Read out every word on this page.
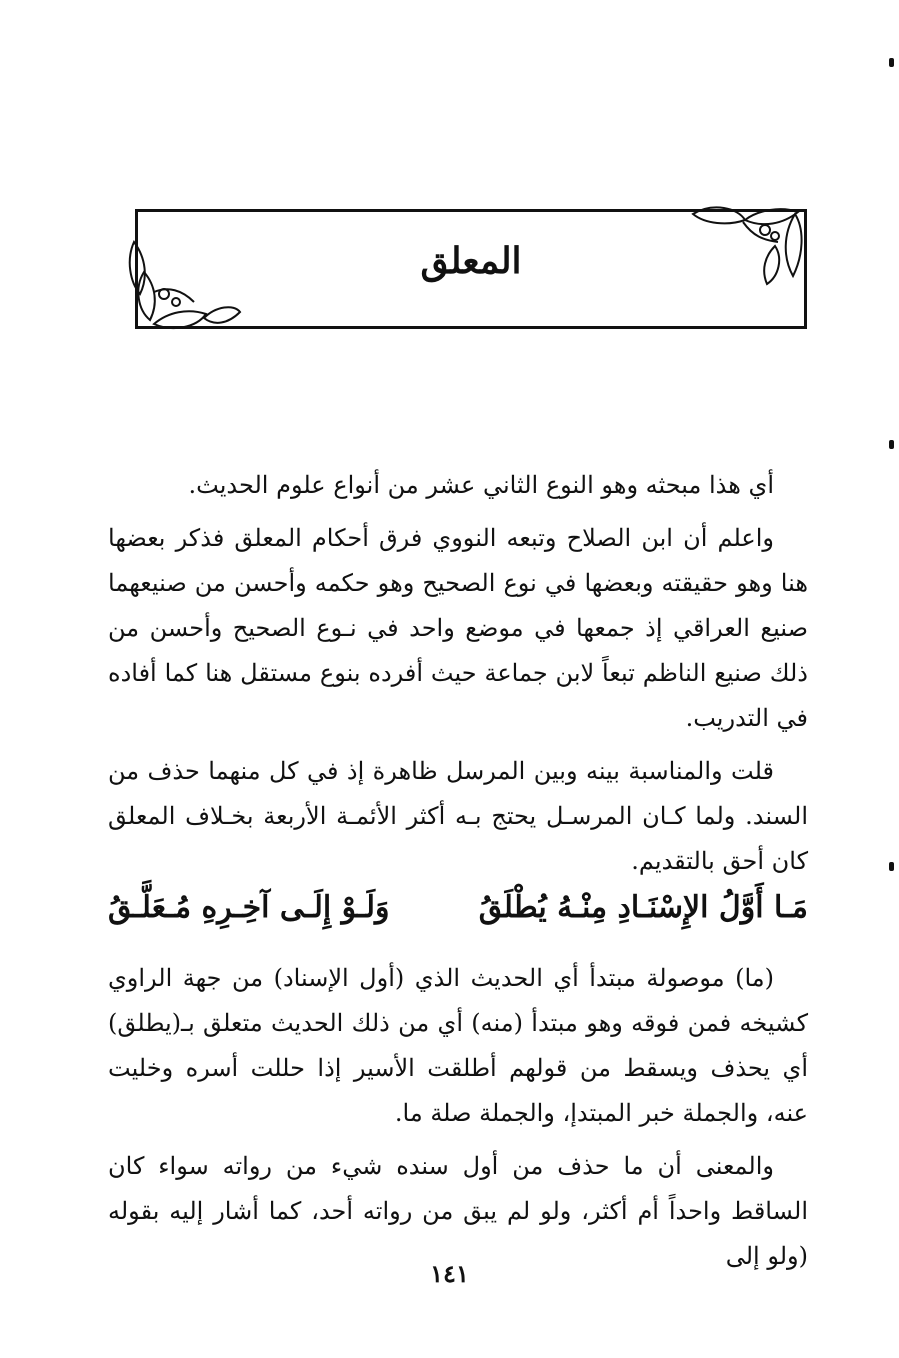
المعلق

أي هذا مبحثه وهو النوع الثاني عشر من أنواع علوم الحديث.

واعلم أن ابن الصلاح وتبعه النووي فرق أحكام المعلق فذكر بعضها هنا وهو حقيقته وبعضها في نوع الصحيح وهو حكمه وأحسن من صنيعهما صنيع العراقي إذ جمعها في موضع واحد في نـوع الصحيح وأحسن من ذلك صنيع الناظم تبعاً لابن جماعة حيث أفرده بنوع مستقل هنا كما أفاده في التدريب.

قلت والمناسبة بينه وبين المرسل ظاهرة إذ في كل منهما حذف من السند. ولما كـان المرسـل يحتج بـه أكثر الأئمـة الأربعة بخـلاف المعلق كان أحق بالتقديم.

مَـا أَوَّلُ الإِسْنَـادِ مِنْـهُ يُطْلَقُ
وَلَـوْ إِلَـى آخِـرِهِ مُـعَلَّـقُ

(ما) موصولة مبتدأ أي الحديث الذي (أول الإسناد) من جهة الراوي كشيخه فمن فوقه وهو مبتدأ (منه) أي من ذلك الحديث متعلق بـ(يطلق) أي يحذف ويسقط من قولهم أطلقت الأسير إذا حللت أسره وخليت عنه، والجملة خبر المبتدإ، والجملة صلة ما.

والمعنى أن ما حذف من أول سنده شيء من رواته سواء كان الساقط واحداً أم أكثر، ولو لم يبق من رواته أحد، كما أشار إليه بقوله (ولو إلى

١٤١
